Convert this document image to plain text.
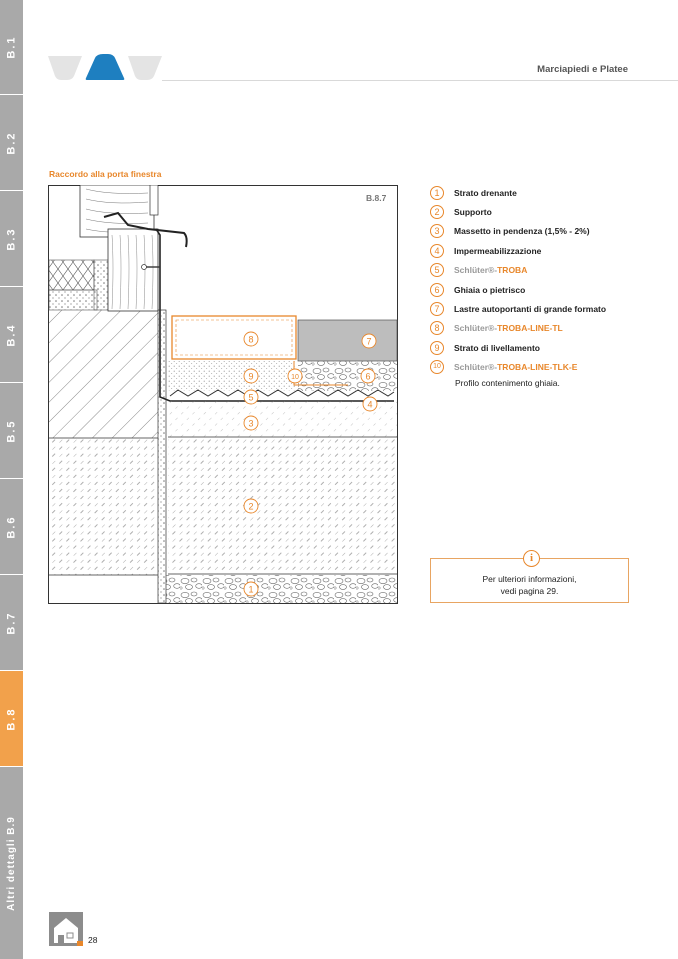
B.1
B.2
B.3
B.4
B.5
B.6
B.7
B.8
Altri dettagli B.9
Marciapiedi e Platee
Raccordo alla porta finestra
8	7
9	10	6
5
4
3
2
1
B.8.7	1	Strato drenante
2	Supporto
3	Massetto in pendenza (1,5% - 2%)
4	Impermeabilizzazione
5	Schlüter®-TROBA
6	Ghiaia o pietrisco
7	Lastre autoportanti di grande formato
8	Schlüter®-TROBA-LINE-TL
9	Strato di livellamento
10	Schlüter®-TROBA-LINE-TLK-E
Profilo contenimento ghiaia.
i
Per ulteriori informazioni,
vedi pagina 29.
28
